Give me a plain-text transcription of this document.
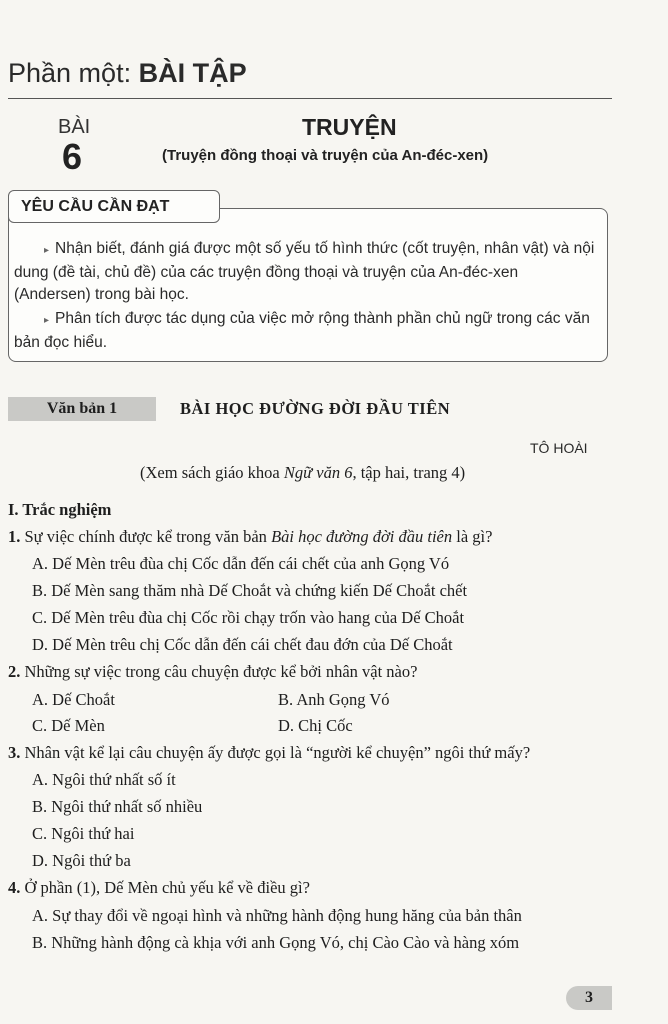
Phần một: BÀI TẬP
BÀI
6
TRUYỆN
(Truyện đồng thoại và truyện của An-đéc-xen)
YÊU CẦU CẦN ĐẠT
▸ Nhận biết, đánh giá được một số yếu tố hình thức (cốt truyện, nhân vật) và nội dung (đề tài, chủ đề) của các truyện đồng thoại và truyện của An-đéc-xen (Andersen) trong bài học.
▸ Phân tích được tác dụng của việc mở rộng thành phần chủ ngữ trong các văn bản đọc hiểu.
Văn bản 1	BÀI HỌC ĐƯỜNG ĐỜI ĐẦU TIÊN
TÔ HOÀI
(Xem sách giáo khoa Ngữ văn 6, tập hai, trang 4)
I. Trắc nghiệm
1. Sự việc chính được kể trong văn bản Bài học đường đời đầu tiên là gì?
A. Dế Mèn trêu đùa chị Cốc dẫn đến cái chết của anh Gọng Vó
B. Dế Mèn sang thăm nhà Dế Choắt và chứng kiến Dế Choắt chết
C. Dế Mèn trêu đùa chị Cốc rồi chạy trốn vào hang của Dế Choắt
D. Dế Mèn trêu chị Cốc dẫn đến cái chết đau đớn của Dế Choắt
2. Những sự việc trong câu chuyện được kể bởi nhân vật nào?
A. Dế Choắt	B. Anh Gọng Vó
C. Dế Mèn	D. Chị Cốc
3. Nhân vật kể lại câu chuyện ấy được gọi là “người kể chuyện” ngôi thứ mấy?
A. Ngôi thứ nhất số ít
B. Ngôi thứ nhất số nhiều
C. Ngôi thứ hai
D. Ngôi thứ ba
4. Ở phần (1), Dế Mèn chủ yếu kể về điều gì?
A. Sự thay đổi về ngoại hình và những hành động hung hăng của bản thân
B. Những hành động cà khịa với anh Gọng Vó, chị Cào Cào và hàng xóm
3
